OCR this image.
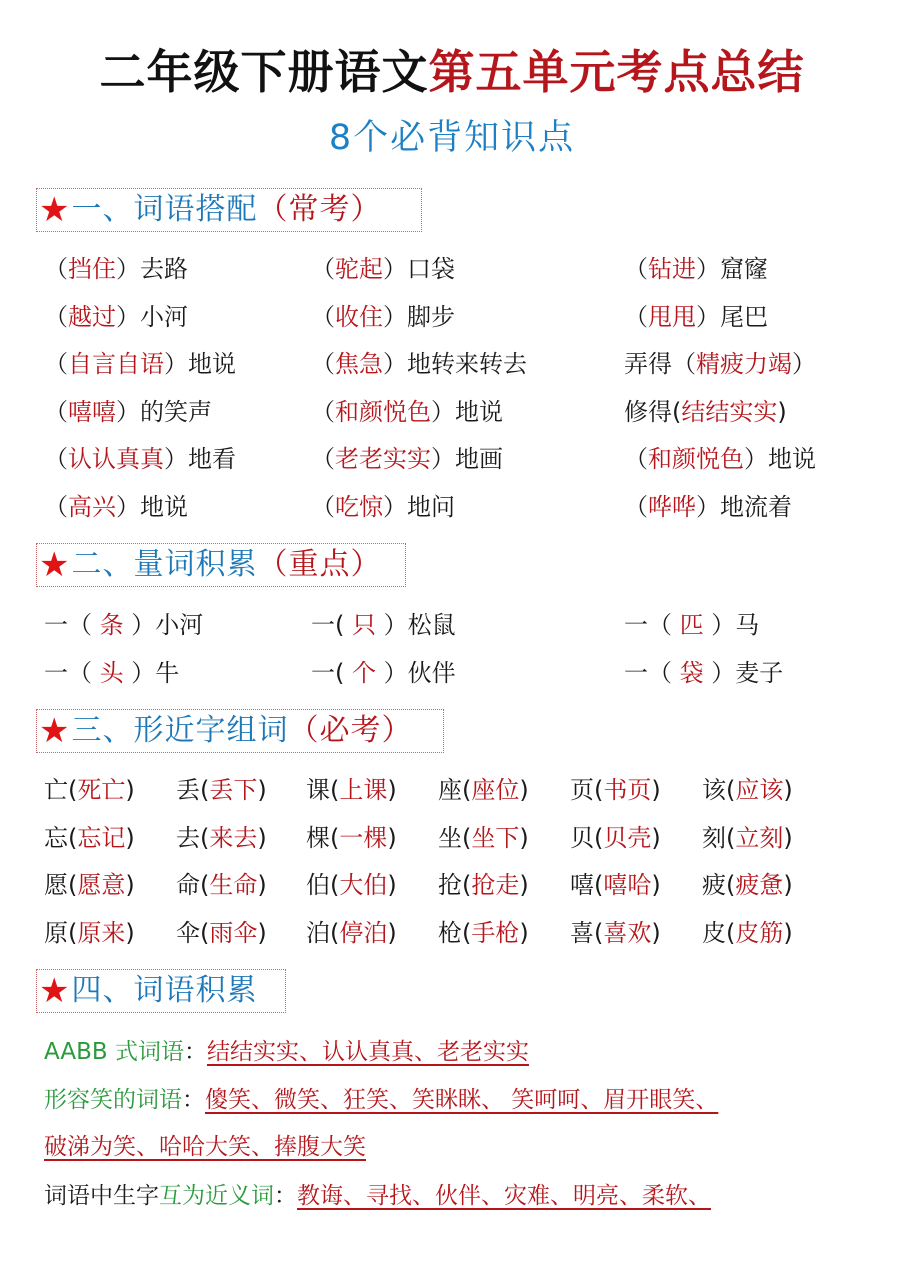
二年级下册语文第五单元考点总结
8个必背知识点
★ 一、词语搭配 （常考）
（挡住）去路	（驼起）口袋	（钻进）窟窿
（越过）小河	（收住）脚步	（甩甩）尾巴
（自言自语）地说	（焦急）地转来转去	弄得（精疲力竭）
（嘻嘻）的笑声	（和颜悦色）地说	修得(结结实实)
（认认真真）地看	（老老实实）地画	（和颜悦色）地说
（高兴）地说	（吃惊）地问	（哗哗）地流着
★ 二、量词积累 （重点）
一（ 条 ）小河	一( 只 ）松鼠	一（ 匹 ）马
一（ 头 ）牛	一( 个 ）伙伴	一（ 袋 ）麦子
★ 三、形近字组词 （必考）
亡(死亡)	丢(丢下)	课(上课)	座(座位)	页(书页)	该(应该)
忘(忘记)	去(来去)	棵(一棵)	坐(坐下)	贝(贝壳)	刻(立刻)
愿(愿意)	命(生命)	伯(大伯)	抢(抢走)	嘻(嘻哈)	疲(疲惫)
原(原来)	伞(雨伞)	泊(停泊)	枪(手枪)	喜(喜欢)	皮(皮筋)
★ 四、词语积累
AABB 式词语：结结实实、认认真真、老老实实
形容笑的词语：傻笑、微笑、狂笑、笑眯眯、 笑呵呵、眉开眼笑、
破涕为笑、哈哈大笑、捧腹大笑
词语中生字互为近义词：教诲、寻找、伙伴、灾难、明亮、柔软、
